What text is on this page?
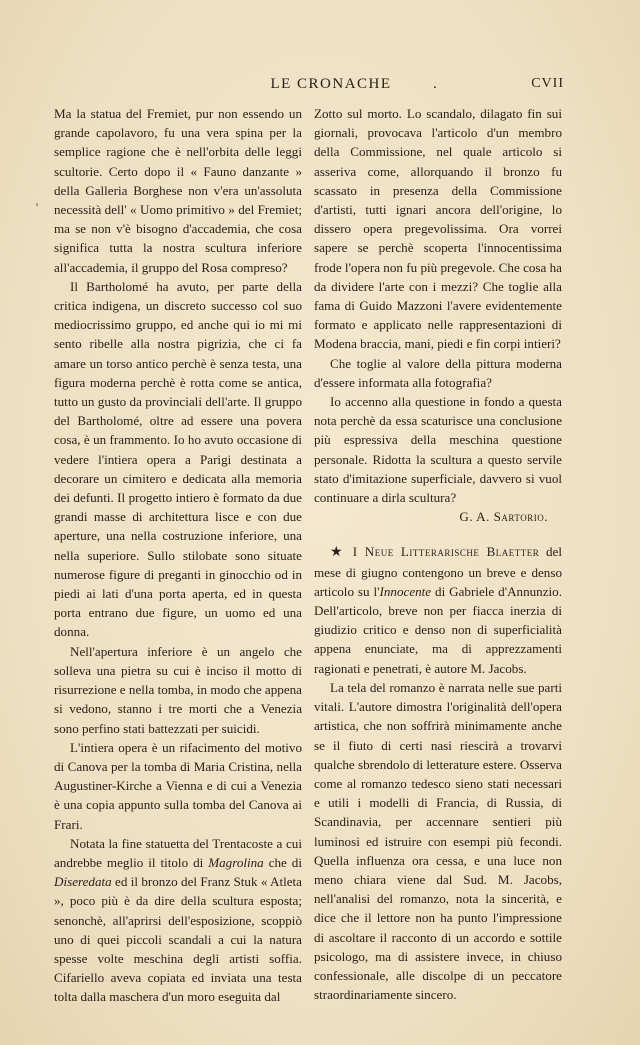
LE CRONACHE	.	CVII
'

Ma la statua del Fremiet, pur non essendo un grande capolavoro, fu una vera spina per la semplice ragione che è nell'orbita delle leggi scultorie. Certo dopo il « Fauno danzante » della Galleria Borghese non v'era un'assoluta necessità dell' « Uomo primitivo » del Fremiet; ma se non v'è bisogno d'accademia, che cosa significa tutta la nostra scultura inferiore all'accademia, il gruppo del Rosa compreso?

Il Bartholomé ha avuto, per parte della critica indigena, un discreto successo col suo mediocrissimo gruppo, ed anche qui io mi mi sento ribelle alla nostra pigrizia, che ci fa amare un torso antico perchè è senza testa, una figura moderna perchè è rotta come se antica, tutto un gusto da provinciali dell'arte. Il gruppo del Bartholomé, oltre ad essere una povera cosa, è un frammento. Io ho avuto occasione di vedere l'intiera opera a Parigi destinata a decorare un cimitero e dedicata alla memoria dei defunti. Il progetto intiero è formato da due grandi masse di architettura lisce e con due aperture, una nella costruzione inferiore, una nella superiore. Sullo stilobate sono situate numerose figure di preganti in ginocchio od in piedi ai lati d'una porta aperta, ed in questa porta entrano due figure, un uomo ed una donna.

Nell'apertura inferiore è un angelo che solleva una pietra su cui è inciso il motto di risurrezione e nella tomba, in modo che appena si vedono, stanno i tre morti che a Venezia sono perfino stati battezzati per suicidi.

L'intiera opera è un rifacimento del motivo di Canova per la tomba di Maria Cristina, nella Augustiner-Kirche a Vienna e di cui a Venezia è una copia appunto sulla tomba del Canova ai Frari.

Notata la fine statuetta del Trentacoste a cui andrebbe meglio il titolo di Magrolina che di Diseredata ed il bronzo del Franz Stuk « Atleta », poco più è da dire della scultura esposta; senonchè, all'aprirsi dell'esposizione, scoppiò uno di quei piccoli scandali a cui la natura spesse volte meschina degli artisti soffia. Cifariello aveva copiata ed inviata una testa tolta dalla maschera d'un moro eseguita dal

Zotto sul morto. Lo scandalo, dilagato fin sui giornali, provocava l'articolo d'un membro della Commissione, nel quale articolo si asseriva come, allorquando il bronzo fu scassato in presenza della Commissione d'artisti, tutti ignari ancora dell'origine, lo dissero opera pregevolissima. Ora vorrei sapere se perchè scoperta l'innocentissima frode l'opera non fu più pregevole. Che cosa ha da dividere l'arte con i mezzi? Che toglie alla fama di Guido Mazzoni l'avere evidentemente formato e applicato nelle rappresentazioni di Modena braccia, mani, piedi e fin corpi intieri?

Che toglie al valore della pittura moderna d'essere informata alla fotografia?

Io accenno alla questione in fondo a questa nota perchè da essa scaturisce una conclusione più espressiva della meschina questione personale. Ridotta la scultura a questo servile stato d'imitazione superficiale, davvero si vuol continuare a dirla scultura?

G. A. Sartorio.

★ I Neue Litterarische Blaetter del mese di giugno contengono un breve e denso articolo su l'Innocente di Gabriele d'Annunzio. Dell'articolo, breve non per fiacca inerzia di giudizio critico e denso non di superficialità appena enunciate, ma di apprezzamenti ragionati e penetrati, è autore M. Jacobs.

La tela del romanzo è narrata nelle sue parti vitali. L'autore dimostra l'originalità dell'opera artistica, che non soffrirà minimamente anche se il fiuto di certi nasi riescirà a trovarvi qualche sbrendolo di letterature estere. Osserva come al romanzo tedesco sieno stati necessari e utili i modelli di Francia, di Russia, di Scandinavia, per accennare sentieri più luminosi ed istruire con esempi più fecondi. Quella influenza ora cessa, e una luce non meno chiara viene dal Sud. M. Jacobs, nell'analisi del romanzo, nota la sincerità, e dice che il lettore non ha punto l'impressione di ascoltare il racconto di un accordo e sottile psicologo, ma di assistere invece, in chiuso confessionale, alle discolpe di un peccatore straordinariamente sincero.
